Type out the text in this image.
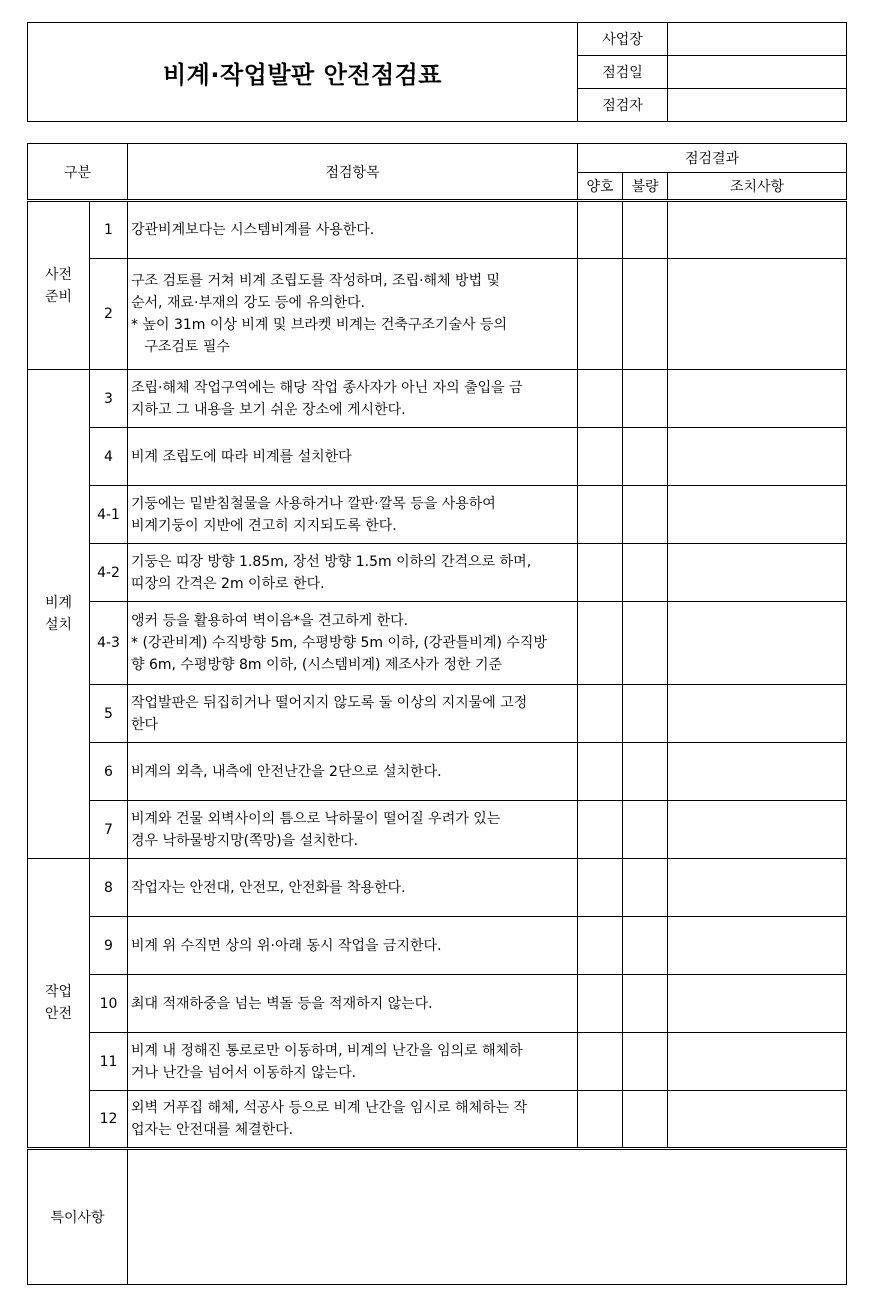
비계·작업발판 안전점검표	사업장	
	점검일	
	점검자	
구분		점검항목	점검결과		
			양호	불량	조치사항
사전
준비	1	강관비계보다는 시스템비계를 사용한다.			
	2	구조 검토를 거쳐 비계 조립도를 작성하며, 조립·해체 방법 및
순서, 재료·부재의 강도 등에 유의한다.
* 높이 31m 이상 비계 및 브라켓 비계는 건축구조기술사 등의
구조검토 필수			
비계
설치	3	조립·해체 작업구역에는 해당 작업 종사자가 아닌 자의 출입을 금
지하고 그 내용을 보기 쉬운 장소에 게시한다.			
	4	비계 조립도에 따라 비계를 설치한다			
	4-1	기둥에는 밑받침철물을 사용하거나 깔판·깔목 등을 사용하여
비계기둥이 지반에 견고히 지지되도록 한다.			
	4-2	기둥은 띠장 방향 1.85m, 장선 방향 1.5m 이하의 간격으로 하며,
띠장의 간격은 2m 이하로 한다.			
	4-3	앵커 등을 활용하여 벽이음*을 견고하게 한다.
* (강관비계) 수직방향 5m, 수평방향 5m 이하, (강관틀비계) 수직방
향 6m, 수평방향 8m 이하, (시스템비계) 제조사가 정한 기준			
	5	작업발판은 뒤집히거나 떨어지지 않도록 둘 이상의 지지물에 고정
한다			
	6	비계의 외측, 내측에 안전난간을 2단으로 설치한다.			
	7	비계와 건물 외벽사이의 틈으로 낙하물이 떨어질 우려가 있는
경우 낙하물방지망(쪽망)을 설치한다.			
작업
안전	8	작업자는 안전대, 안전모, 안전화를 착용한다.			
	9	비계 위 수직면 상의 위·아래 동시 작업을 금지한다.			
	10	최대 적재하중을 넘는 벽돌 등을 적재하지 않는다.			
	11	비계 내 정해진 통로로만 이동하며, 비계의 난간을 임의로 해체하
거나 난간을 넘어서 이동하지 않는다.			
	12	외벽 거푸집 해체, 석공사 등으로 비계 난간을 임시로 해체하는 작
업자는 안전대를 체결한다.			
특이사항					
